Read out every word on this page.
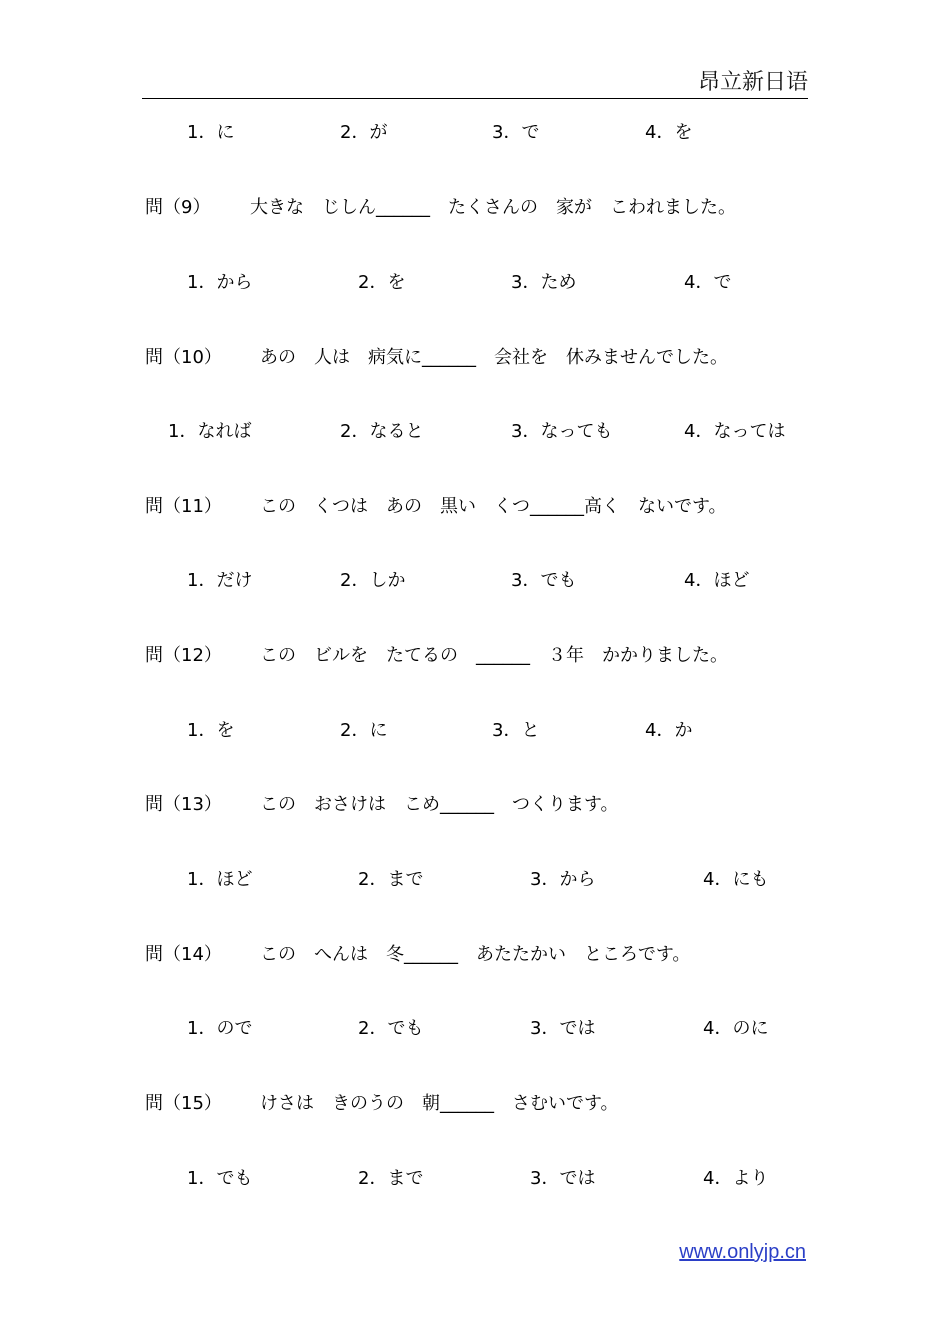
昂立新日语
1．に	2．が	3．で	4．を
問（9） 大きな　じしん______　たくさんの　家が　こわれました。
1．から	2．を	3．ため	4．で
問（10） あの　人は　病気に______　会社を　休みませんでした。
1．なれば	2．なると	3．なっても	4．なっては
問（11） この　くつは　あの　黒い　くつ______高く　ないです。
1．だけ	2．しか	3．でも	4．ほど
問（12） この　ビルを　たてるの　______　３年　かかりました。
1．を	2．に	3．と	4．か
問（13） この　おさけは　こめ______　つくります。
1．ほど	2．まで	3．から	4．にも
問（14） この　へんは　冬______　あたたかい　ところです。
1．ので	2．でも	3．では	4．のに
問（15） けさは　きのうの　朝______　さむいです。
1．でも	2．まで	3．では	4．より
www.onlyjp.cn
